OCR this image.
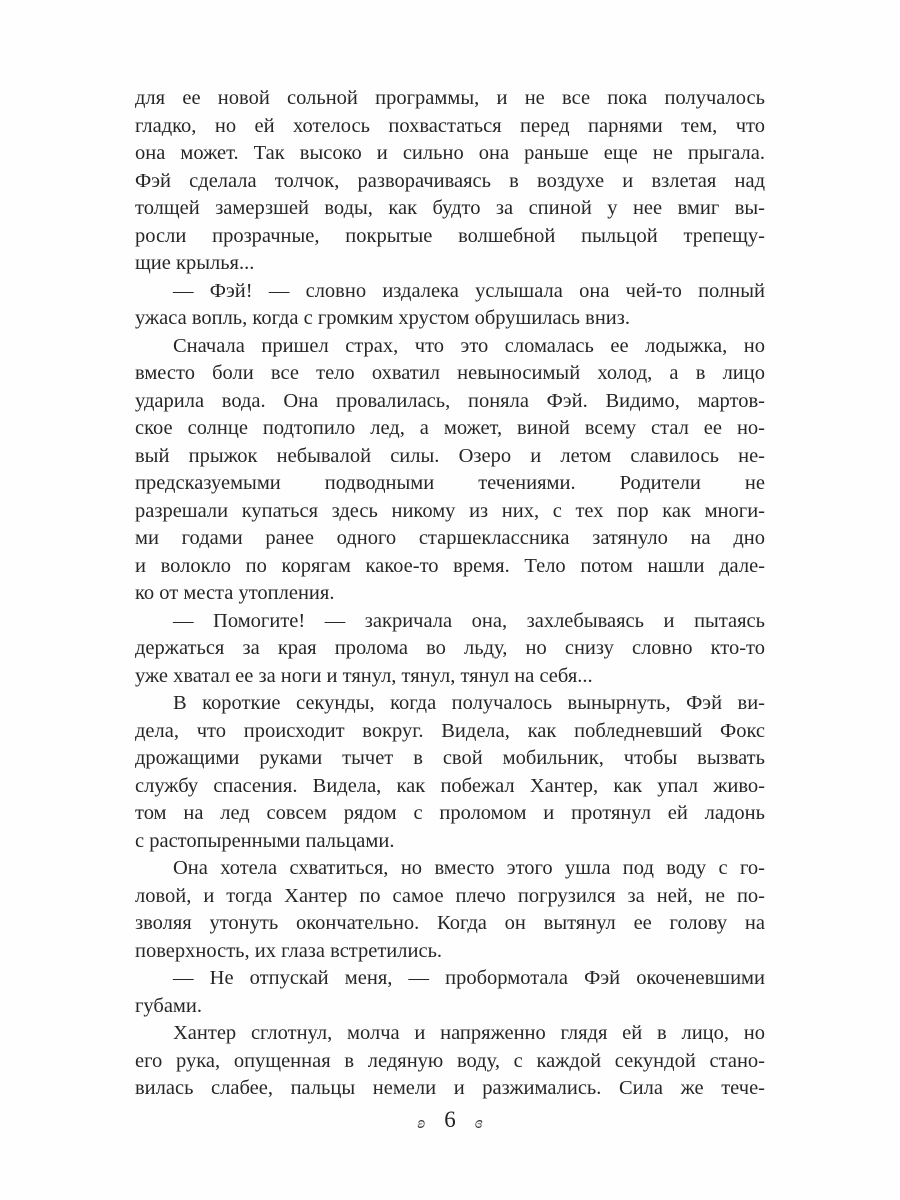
для ее новой сольной программы, и не все пока получалось
гладко, но ей хотелось похвастаться перед парнями тем, что
она может. Так высоко и сильно она раньше еще не прыгала.
Фэй сделала толчок, разворачиваясь в воздухе и взлетая над
толщей замерзшей воды, как будто за спиной у нее вмиг вы-
росли прозрачные, покрытые волшебной пыльцой трепещу-
щие крылья...
— Фэй! — словно издалека услышала она чей-то полный
ужаса вопль, когда с громким хрустом обрушилась вниз.
Сначала пришел страх, что это сломалась ее лодыжка, но
вместо боли все тело охватил невыносимый холод, а в лицо
ударила вода. Она провалилась, поняла Фэй. Видимо, мартов-
ское солнце подтопило лед, а может, виной всему стал ее но-
вый прыжок небывалой силы. Озеро и летом славилось не-
предсказуемыми подводными течениями. Родители не
разрешали купаться здесь никому из них, с тех пор как многи-
ми годами ранее одного старшеклассника затянуло на дно
и волокло по корягам какое-то время. Тело потом нашли дале-
ко от места утопления.
— Помогите! — закричала она, захлебываясь и пытаясь
держаться за края пролома во льду, но снизу словно кто-то
уже хватал ее за ноги и тянул, тянул, тянул на себя...
В короткие секунды, когда получалось вынырнуть, Фэй ви-
дела, что происходит вокруг. Видела, как побледневший Фокс
дрожащими руками тычет в свой мобильник, чтобы вызвать
службу спасения. Видела, как побежал Хантер, как упал живо-
том на лед совсем рядом с проломом и протянул ей ладонь
с растопыренными пальцами.
Она хотела схватиться, но вместо этого ушла под воду с го-
ловой, и тогда Хантер по самое плечо погрузился за ней, не по-
зволяя утонуть окончательно. Когда он вытянул ее голову на
поверхность, их глаза встретились.
— Не отпускай меня, — пробормотала Фэй окоченевшими
губами.
Хантер сглотнул, молча и напряженно глядя ей в лицо, но
его рука, опущенная в ледяную воду, с каждой секундой стано-
вилась слабее, пальцы немели и разжимались. Сила же тече-
ʚ 6 ɞ
